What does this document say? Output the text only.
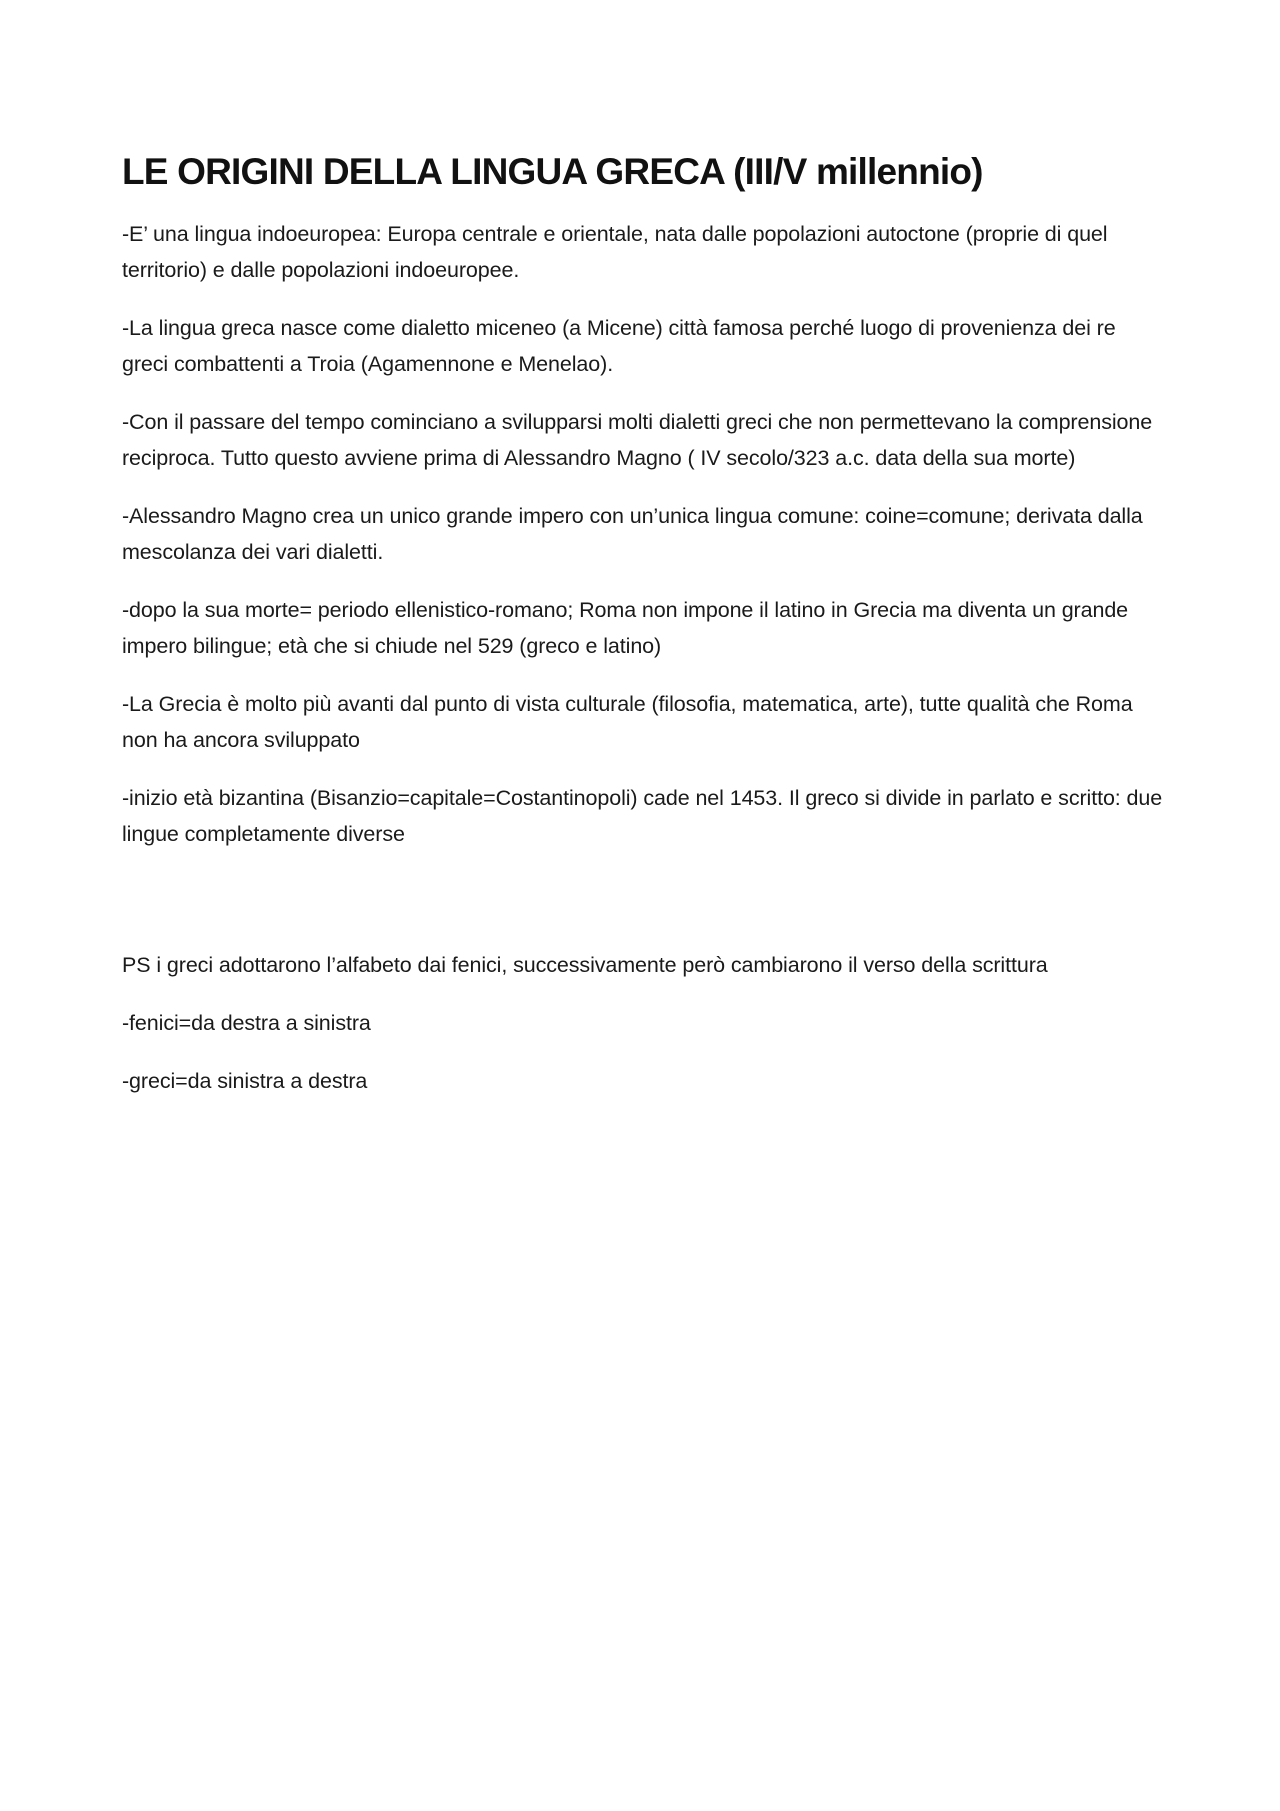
LE ORIGINI DELLA LINGUA GRECA (III/V millennio)

-E’ una lingua indoeuropea: Europa centrale e orientale, nata dalle popolazioni autoctone (proprie di quel territorio) e dalle popolazioni indoeuropee.

-La lingua greca nasce come dialetto miceneo (a Micene) città famosa perché luogo di provenienza dei re greci combattenti a Troia (Agamennone e Menelao).

-Con il passare del tempo cominciano a svilupparsi molti dialetti greci che non permettevano la comprensione reciproca. Tutto questo avviene prima di Alessandro Magno ( IV secolo/323 a.c. data della sua morte)

-Alessandro Magno crea un unico grande impero con un’unica lingua comune: coine=comune; derivata dalla mescolanza dei vari dialetti.

-dopo la sua morte= periodo ellenistico-romano; Roma non impone il latino in Grecia ma diventa un grande impero bilingue; età che si chiude nel 529 (greco e latino)

-La Grecia è molto più avanti dal punto di vista culturale (filosofia, matematica, arte), tutte qualità che Roma non ha ancora sviluppato

-inizio età bizantina (Bisanzio=capitale=Costantinopoli) cade nel 1453. Il greco si divide in parlato e scritto: due lingue completamente diverse

PS i greci adottarono l’alfabeto dai fenici, successivamente però cambiarono il verso della scrittura

-fenici=da destra a sinistra

-greci=da sinistra a destra
